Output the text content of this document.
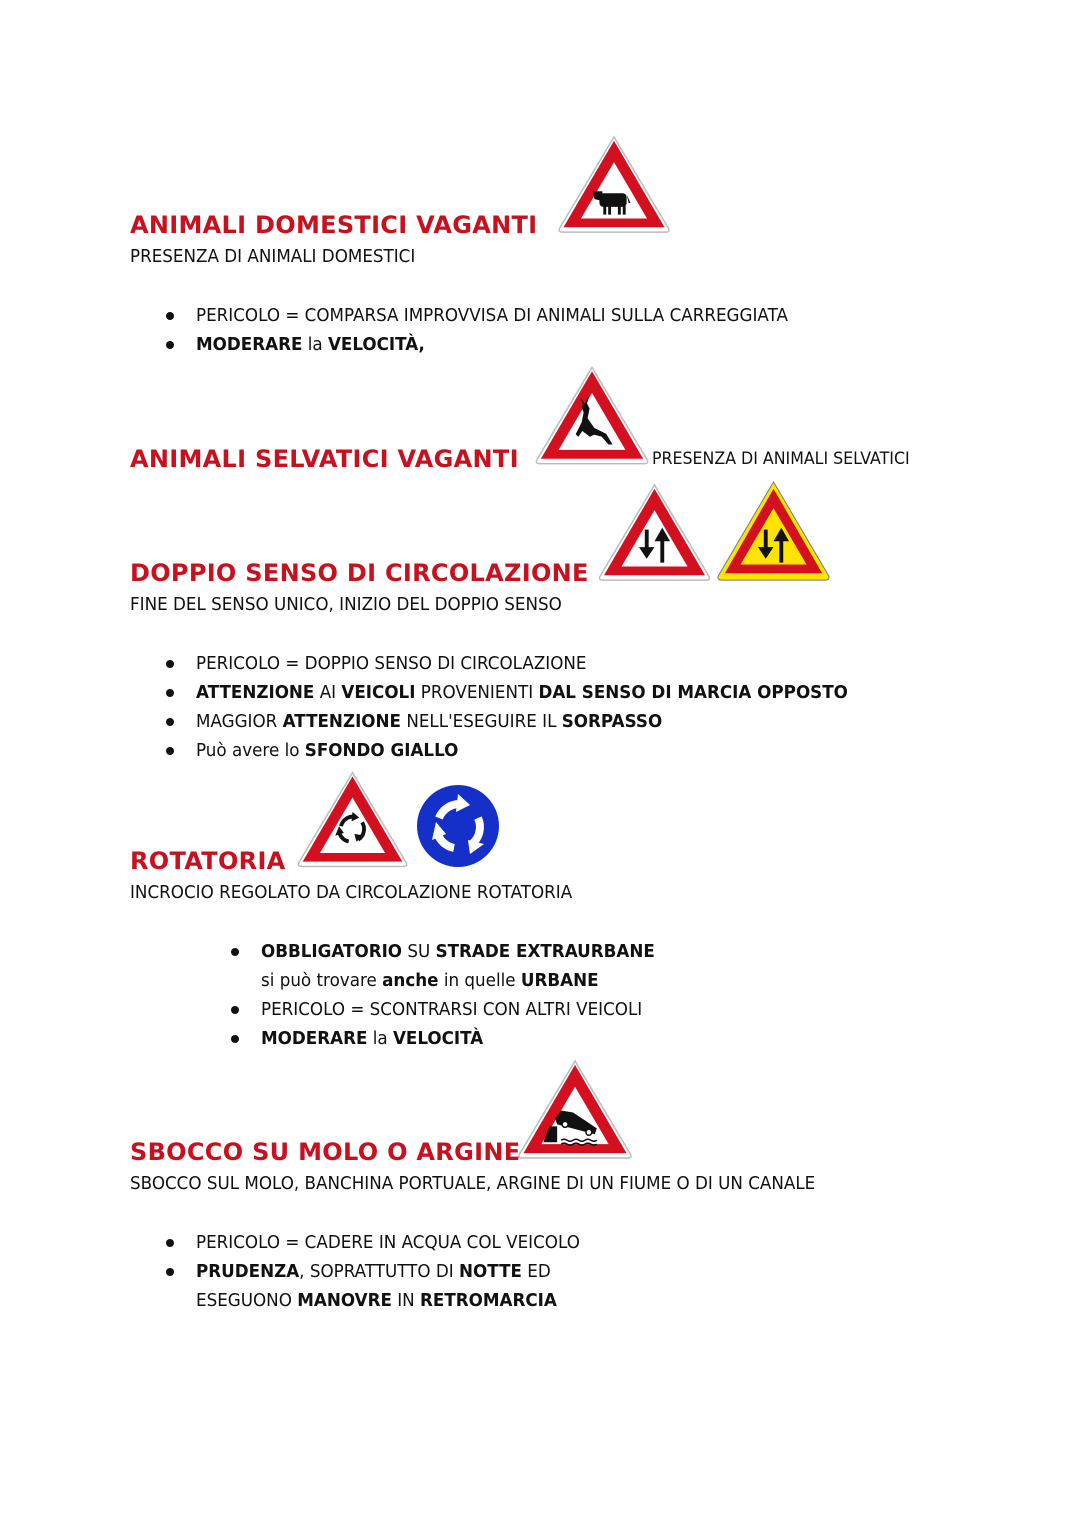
ANIMALI DOMESTICI VAGANTI
PRESENZA DI ANIMALI DOMESTICI
PERICOLO = COMPARSA IMPROVVISA DI ANIMALI SULLA CARREGGIATA
MODERARE la VELOCITÀ,
ANIMALI SELVATICI VAGANTI	PRESENZA DI ANIMALI SELVATICI
DOPPIO SENSO DI CIRCOLAZIONE
FINE DEL SENSO UNICO, INIZIO DEL DOPPIO SENSO
PERICOLO = DOPPIO SENSO DI CIRCOLAZIONE
ATTENZIONE AI VEICOLI PROVENIENTI DAL SENSO DI MARCIA OPPOSTO
MAGGIOR ATTENZIONE NELL'ESEGUIRE IL SORPASSO
Può avere lo SFONDO GIALLO
ROTATORIA
INCROCIO REGOLATO DA CIRCOLAZIONE ROTATORIA
OBBLIGATORIO SU STRADE EXTRAURBANE
si può trovare anche in quelle URBANE
PERICOLO = SCONTRARSI CON ALTRI VEICOLI
MODERARE la VELOCITÀ
SBOCCO SU MOLO O ARGINE
SBOCCO SUL MOLO, BANCHINA PORTUALE, ARGINE DI UN FIUME O DI UN CANALE
PERICOLO = CADERE IN ACQUA COL VEICOLO
PRUDENZA, SOPRATTUTTO DI NOTTE ED
ESEGUONO MANOVRE IN RETROMARCIA
